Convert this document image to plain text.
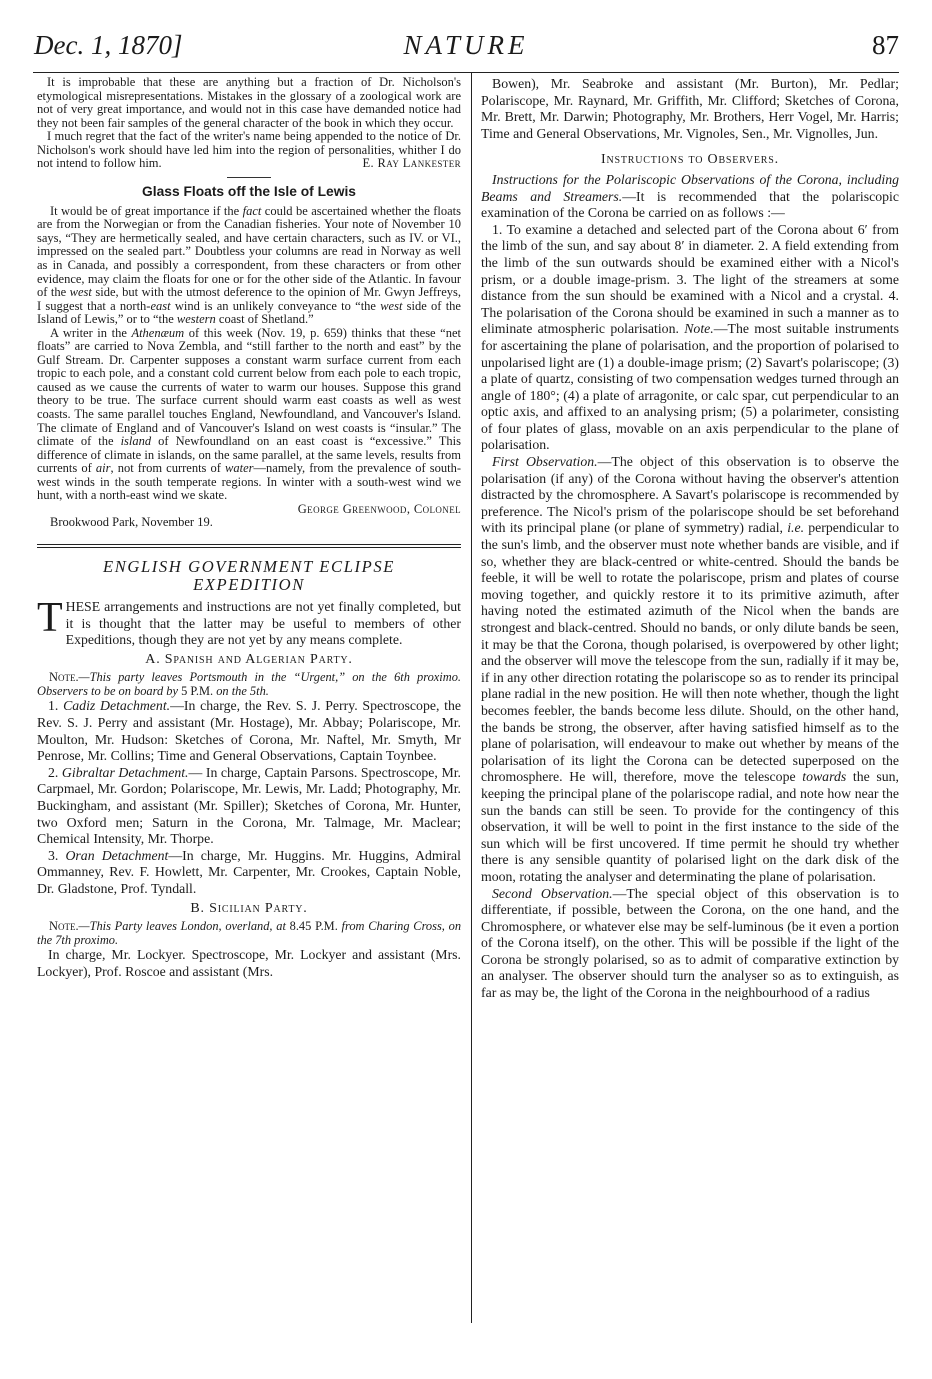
Dec. 1, 1870]	NATURE	87

It is improbable that these are anything but a fraction of Dr. Nicholson's etymological misrepresentations. Mistakes in the glossary of a zoological work are not of very great importance, and would not in this case have demanded notice had they not been fair samples of the general character of the book in which they occur.

I much regret that the fact of the writer's name being appended to the notice of Dr. Nicholson's work should have led him into the region of personalities, whither I do not intend to follow him.	E. Ray Lankester

Glass Floats off the Isle of Lewis

It would be of great importance if the fact could be ascertained whether the floats are from the Norwegian or from the Canadian fisheries. Your note of November 10 says, “They are hermetically sealed, and have certain characters, such as IV. or VI., impressed on the sealed part.” Doubtless your columns are read in Norway as well as in Canada, and possibly a correspondent, from these characters or from other evidence, may claim the floats for one or for the other side of the Atlantic. In favour of the west side, but with the utmost deference to the opinion of Mr. Gwyn Jeffreys, I suggest that a north-east wind is an unlikely conveyance to “the west side of the Island of Lewis,” or to “the western coast of Shetland.”

A writer in the Athenæum of this week (Nov. 19, p. 659) thinks that these “net floats” are carried to Nova Zembla, and “still farther to the north and east” by the Gulf Stream. Dr. Carpenter supposes a constant warm surface current from each tropic to each pole, and a constant cold current below from each pole to each tropic, caused as we cause the currents of water to warm our houses. Suppose this grand theory to be true. The surface current should warm east coasts as well as west coasts. The same parallel touches England, Newfoundland, and Vancouver's Island. The climate of England and of Vancouver's Island on west coasts is “insular.” The climate of the island of Newfoundland on an east coast is “excessive.” This difference of climate in islands, on the same parallel, at the same levels, results from currents of air, not from currents of water—namely, from the prevalence of south-west winds in the south temperate regions. In winter with a south-west wind we hunt, with a north-east wind we skate.

George Greenwood, Colonel

Brookwood Park, November 19.

ENGLISH GOVERNMENT ECLIPSE

EXPEDITION

THESE arrangements and instructions are not yet finally completed, but it is thought that the latter may be useful to members of other Expeditions, though they are not yet by any means complete.

A. Spanish and Algerian Party.

Note.—This party leaves Portsmouth in the “Urgent,” on the 6th proximo. Observers to be on board by 5 P.M. on the 5th.

1. Cadiz Detachment.—In charge, the Rev. S. J. Perry. Spectroscope, the Rev. S. J. Perry and assistant (Mr. Hostage), Mr. Abbay; Polariscope, Mr. Moulton, Mr. Hudson: Sketches of Corona, Mr. Naftel, Mr. Smyth, Mr Penrose, Mr. Collins; Time and General Observations, Captain Toynbee.

2. Gibraltar Detachment.— In charge, Captain Parsons. Spectroscope, Mr. Carpmael, Mr. Gordon; Polariscope, Mr. Lewis, Mr. Ladd; Photography, Mr. Buckingham, and assistant (Mr. Spiller); Sketches of Corona, Mr. Hunter, two Oxford men; Saturn in the Corona, Mr. Talmage, Mr. Maclear; Chemical Intensity, Mr. Thorpe.

3. Oran Detachment—In charge, Mr. Huggins. Mr. Huggins, Admiral Ommanney, Rev. F. Howlett, Mr. Carpenter, Mr. Crookes, Captain Noble, Dr. Gladstone, Prof. Tyndall.

B. Sicilian Party.

Note.—This Party leaves London, overland, at 8.45 P.M. from Charing Cross, on the 7th proximo.

In charge, Mr. Lockyer. Spectroscope, Mr. Lockyer and assistant (Mrs. Lockyer), Prof. Roscoe and assistant (Mrs.

Bowen), Mr. Seabroke and assistant (Mr. Burton), Mr. Pedlar; Polariscope, Mr. Raynard, Mr. Griffith, Mr. Clifford; Sketches of Corona, Mr. Brett, Mr. Darwin; Photography, Mr. Brothers, Herr Vogel, Mr. Harris; Time and General Observations, Mr. Vignoles, Sen., Mr. Vignolles, Jun.

Instructions to Observers.

Instructions for the Polariscopic Observations of the Corona, including Beams and Streamers.—It is recommended that the polariscopic examination of the Corona be carried on as follows :—

1. To examine a detached and selected part of the Corona about 6′ from the limb of the sun, and say about 8′ in diameter. 2. A field extending from the limb of the sun outwards should be examined either with a Nicol's prism, or a double image-prism. 3. The light of the streamers at some distance from the sun should be examined with a Nicol and a crystal. 4. The polarisation of the Corona should be examined in such a manner as to eliminate atmospheric polarisation. Note.—The most suitable instruments for ascertaining the plane of polarisation, and the proportion of polarised to unpolarised light are (1) a double-image prism; (2) Savart's polariscope; (3) a plate of quartz, consisting of two compensation wedges turned through an angle of 180°; (4) a plate of arragonite, or calc spar, cut perpendicular to an optic axis, and affixed to an analysing prism; (5) a polarimeter, consisting of four plates of glass, movable on an axis perpendicular to the plane of polarisation.

First Observation.—The object of this observation is to observe the polarisation (if any) of the Corona without having the observer's attention distracted by the chromosphere. A Savart's polariscope is recommended by preference. The Nicol's prism of the polariscope should be set beforehand with its principal plane (or plane of symmetry) radial, i.e. perpendicular to the sun's limb, and the observer must note whether bands are visible, and if so, whether they are black-centred or white-centred. Should the bands be feeble, it will be well to rotate the polariscope, prism and plates of course moving together, and quickly restore it to its primitive azimuth, after having noted the estimated azimuth of the Nicol when the bands are strongest and black-centred. Should no bands, or only dilute bands be seen, it may be that the Corona, though polarised, is overpowered by other light; and the observer will move the telescope from the sun, radially if it may be, if in any other direction rotating the polariscope so as to render its principal plane radial in the new position. He will then note whether, though the light becomes feebler, the bands become less dilute. Should, on the other hand, the bands be strong, the observer, after having satisfied himself as to the plane of polarisation, will endeavour to make out whether by means of the polarisation of its light the Corona can be detected superposed on the chromosphere. He will, therefore, move the telescope towards the sun, keeping the principal plane of the polariscope radial, and note how near the sun the bands can still be seen. To provide for the contingency of this observation, it will be well to point in the first instance to the side of the sun which will be first uncovered. If time permit he should try whether there is any sensible quantity of polarised light on the dark disk of the moon, rotating the analyser and determinating the plane of polarisation.

Second Observation.—The special object of this observation is to differentiate, if possible, between the Corona, on the one hand, and the Chromosphere, or whatever else may be self-luminous (be it even a portion of the Corona itself), on the other. This will be possible if the light of the Corona be strongly polarised, so as to admit of comparative extinction by an analyser. The observer should turn the analyser so as to extinguish, as far as may be, the light of the Corona in the neighbourhood of a radius
